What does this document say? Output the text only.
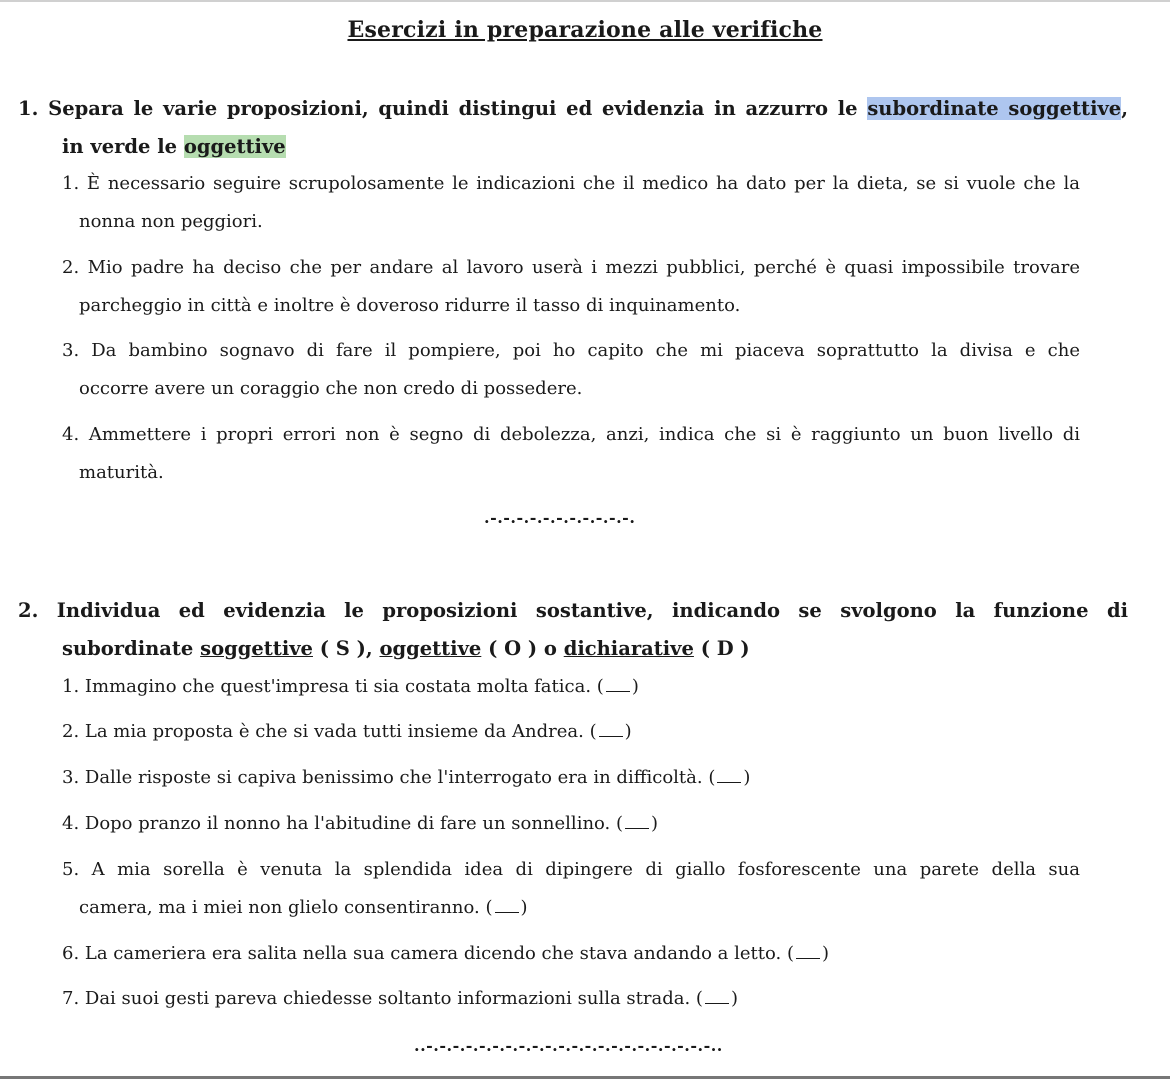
Esercizi in preparazione alle verifiche
1. Separa le varie proposizioni, quindi distingui ed evidenzia in azzurro le subordinate soggettive,
in verde le oggettive
1. È necessario seguire scrupolosamente le indicazioni che il medico ha dato per la dieta, se si vuole che la
nonna non peggiori.
2. Mio padre ha deciso che per andare al lavoro userà i mezzi pubblici, perché è quasi impossibile trovare
parcheggio in città e inoltre è doveroso ridurre il tasso di inquinamento.
3. Da bambino sognavo di fare il pompiere, poi ho capito che mi piaceva soprattutto la divisa e che
occorre avere un coraggio che non credo di possedere.
4. Ammettere i propri errori non è segno di debolezza, anzi, indica che si è raggiunto un buon livello di
maturità.
.-.-.-.-.-.-.-.-.-.-.-.
2. Individua ed evidenzia le proposizioni sostantive, indicando se svolgono la funzione di
subordinate soggettive ( S ), oggettive ( O ) o dichiarative ( D )
1. Immagino che quest'impresa ti sia costata molta fatica. ( )
2. La mia proposta è che si vada tutti insieme da Andrea. ( )
3. Dalle risposte si capiva benissimo che l'interrogato era in difficoltà. ( )
4. Dopo pranzo il nonno ha l'abitudine di fare un sonnellino. ( )
5. A mia sorella è venuta la splendida idea di dipingere di giallo fosforescente una parete della sua
camera, ma i miei non glielo consentiranno. ( )
6. La cameriera era salita nella sua camera dicendo che stava andando a letto. ( )
7. Dai suoi gesti pareva chiedesse soltanto informazioni sulla strada. ( )
..-.-.-.-.-.-.-.-.-.-.-.-.-.-.-.-.-.-.-.-.-.-..
